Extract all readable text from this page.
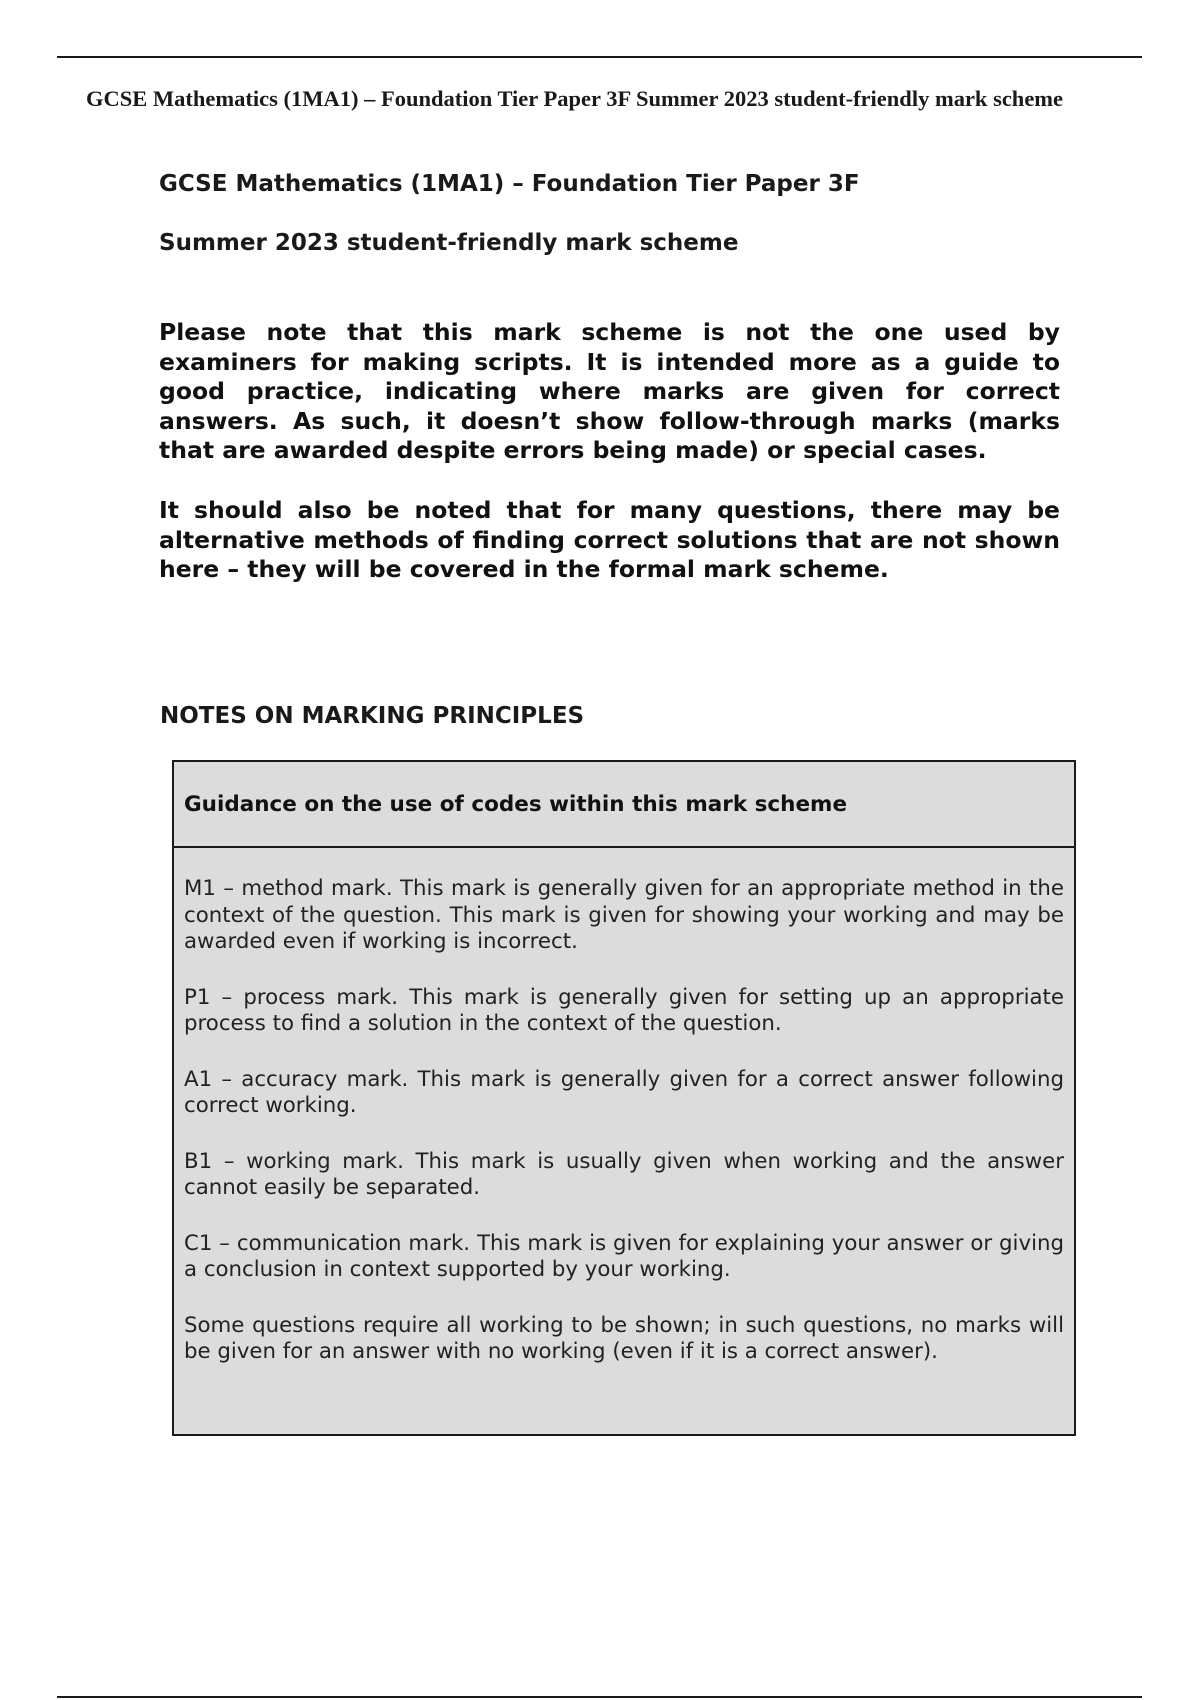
GCSE Mathematics (1MA1) – Foundation Tier Paper 3F Summer 2023 student-friendly mark scheme
GCSE Mathematics (1MA1) – Foundation Tier Paper 3F
Summer 2023 student-friendly mark scheme

Please note that this mark scheme is not the one used by examiners for making scripts. It is intended more as a guide to good practice, indicating where marks are given for correct answers. As such, it doesn’t show follow-through marks (marks that are awarded despite errors being made) or special cases.

It should also be noted that for many questions, there may be alternative methods of finding correct solutions that are not shown here – they will be covered in the formal mark scheme.

NOTES ON MARKING PRINCIPLES
Guidance on the use of codes within this mark scheme

M1 – method mark. This mark is generally given for an appropriate method in the context of the question. This mark is given for showing your working and may be awarded even if working is incorrect.

P1 – process mark. This mark is generally given for setting up an appropriate process to find a solution in the context of the question.

A1 – accuracy mark. This mark is generally given for a correct answer following correct working.

B1 – working mark. This mark is usually given when working and the answer cannot easily be separated.

C1 – communication mark. This mark is given for explaining your answer or giving a conclusion in context supported by your working.

Some questions require all working to be shown; in such questions, no marks will be given for an answer with no working (even if it is a correct answer).
